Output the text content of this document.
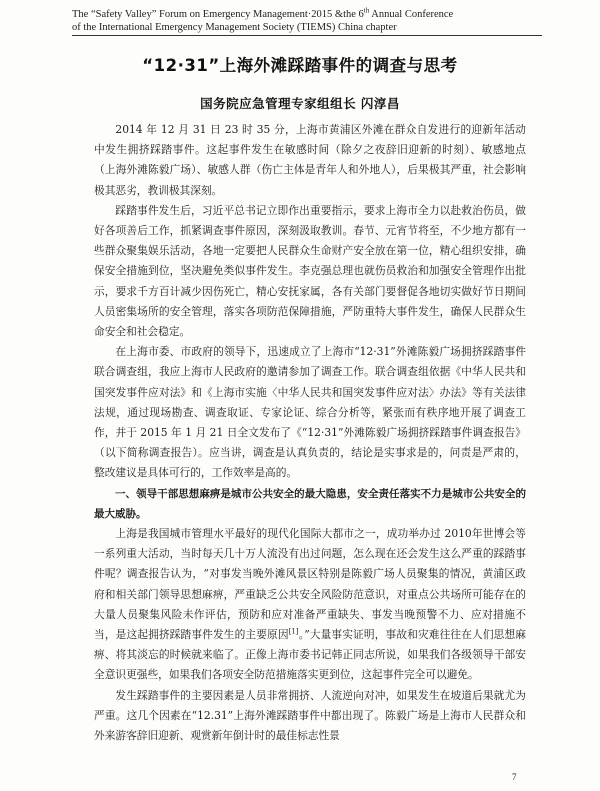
The “Safety Valley” Forum on Emergency Management·2015 &the 6th Annual Conference
of the International Emergency Management Society (TIEMS) China chapter
“12·31”上海外滩踩踏事件的调查与思考
国务院应急管理专家组组长 闪淳昌

2014 年 12 月 31 日 23 时 35 分，上海市黄浦区外滩在群众自发进行的迎新年活动中发生拥挤踩踏事件。这起事件发生在敏感时间（除夕之夜辞旧迎新的时刻）、敏感地点（上海外滩陈毅广场）、敏感人群（伤亡主体是青年人和外地人），后果极其严重，社会影响极其恶劣，教训极其深刻。

踩踏事件发生后，习近平总书记立即作出重要指示，要求上海市全力以赴救治伤员，做好各项善后工作，抓紧调查事件原因，深刻汲取教训。春节、元宵节将至，不少地方都有一些群众聚集娱乐活动，各地一定要把人民群众生命财产安全放在第一位，精心组织安排，确保安全措施到位，坚决避免类似事件发生。李克强总理也就伤员救治和加强安全管理作出批示，要求千方百计减少因伤死亡，精心安抚家属，各有关部门要督促各地切实做好节日期间人员密集场所的安全管理，落实各项防范保障措施，严防重特大事件发生，确保人民群众生命安全和社会稳定。

在上海市委、市政府的领导下，迅速成立了上海市“12·31”外滩陈毅广场拥挤踩踏事件联合调查组，我应上海市人民政府的邀请参加了调查工作。联合调查组依据《中华人民共和国突发事件应对法》和《上海市实施〈中华人民共和国突发事件应对法〉办法》等有关法律法规，通过现场勘查、调查取证、专家论证、综合分析等，紧张而有秩序地开展了调查工作，并于 2015 年 1 月 21 日全文发布了《“12·31”外滩陈毅广场拥挤踩踏事件调查报告》（以下简称调查报告）。应当讲，调查是认真负责的，结论是实事求是的，问责是严肃的，整改建议是具体可行的，工作效率是高的。

一、领导干部思想麻痹是城市公共安全的最大隐患，安全责任落实不力是城市公共安全的最大威胁。

上海是我国城市管理水平最好的现代化国际大都市之一，成功举办过 2010年世博会等一系列重大活动，当时每天几十万人流没有出过问题，怎么现在还会发生这么严重的踩踏事件呢？调查报告认为，“对事发当晚外滩风景区特别是陈毅广场人员聚集的情况，黄浦区政府和相关部门领导思想麻痹，严重缺乏公共安全风险防范意识，对重点公共场所可能存在的大量人员聚集风险未作评估，预防和应对准备严重缺失、事发当晚预警不力、应对措施不当，是这起拥挤踩踏事件发生的主要原因[1]。”大量事实证明，事故和灾难往往在人们思想麻痹、将其淡忘的时候就来临了。正像上海市委书记韩正同志所说，如果我们各级领导干部安全意识更强些，如果我们各项安全防范措施落实更到位，这起事件完全可以避免。

发生踩踏事件的主要因素是人员非常拥挤、人流逆向对冲，如果发生在坡道后果就尤为严重。这几个因素在“12.31”上海外滩踩踏事件中都出现了。陈毅广场是上海市人民群众和外来游客辞旧迎新、观赏新年倒计时的最佳标志性景

7
